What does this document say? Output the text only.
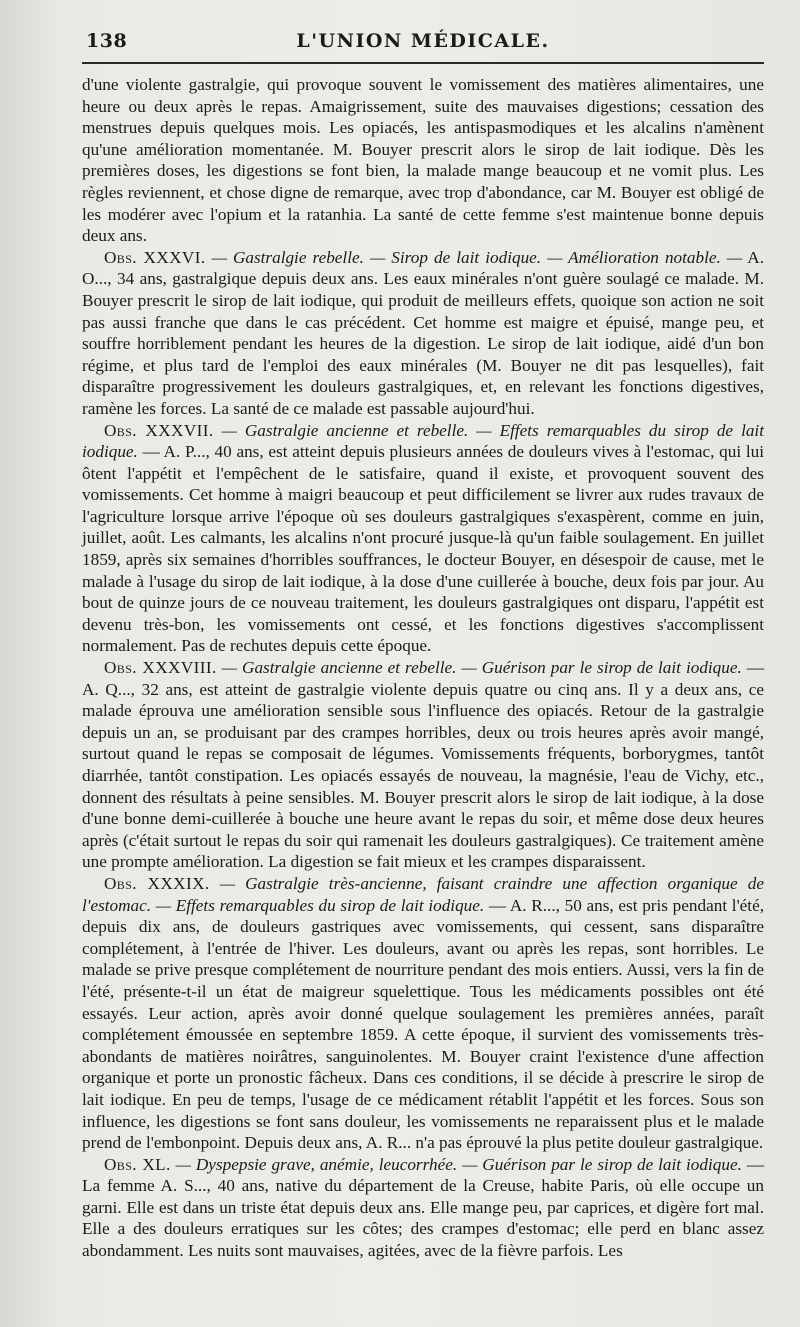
138	L'UNION MÉDICALE.

d'une violente gastralgie, qui provoque souvent le vomissement des matières alimentaires, une heure ou deux après le repas. Amaigrissement, suite des mauvaises digestions; cessation des menstrues depuis quelques mois. Les opiacés, les antispasmodiques et les alcalins n'amènent qu'une amélioration momentanée. M. Bouyer prescrit alors le sirop de lait iodique. Dès les premières doses, les digestions se font bien, la malade mange beaucoup et ne vomit plus. Les règles reviennent, et chose digne de remarque, avec trop d'abondance, car M. Bouyer est obligé de les modérer avec l'opium et la ratanhia. La santé de cette femme s'est maintenue bonne depuis deux ans.

Obs. XXXVI. — Gastralgie rebelle. — Sirop de lait iodique. — Amélioration notable. — A. O..., 34 ans, gastralgique depuis deux ans. Les eaux minérales n'ont guère soulagé ce malade. M. Bouyer prescrit le sirop de lait iodique, qui produit de meilleurs effets, quoique son action ne soit pas aussi franche que dans le cas précédent. Cet homme est maigre et épuisé, mange peu, et souffre horriblement pendant les heures de la digestion. Le sirop de lait iodique, aidé d'un bon régime, et plus tard de l'emploi des eaux minérales (M. Bouyer ne dit pas lesquelles), fait disparaître progressivement les douleurs gastralgiques, et, en relevant les fonctions digestives, ramène les forces. La santé de ce malade est passable aujourd'hui.

Obs. XXXVII. — Gastralgie ancienne et rebelle. — Effets remarquables du sirop de lait iodique. — A. P..., 40 ans, est atteint depuis plusieurs années de douleurs vives à l'estomac, qui lui ôtent l'appétit et l'empêchent de le satisfaire, quand il existe, et provoquent souvent des vomissements. Cet homme à maigri beaucoup et peut difficilement se livrer aux rudes travaux de l'agriculture lorsque arrive l'époque où ses douleurs gastralgiques s'exaspèrent, comme en juin, juillet, août. Les calmants, les alcalins n'ont procuré jusque-là qu'un faible soulagement. En juillet 1859, après six semaines d'horribles souffrances, le docteur Bouyer, en désespoir de cause, met le malade à l'usage du sirop de lait iodique, à la dose d'une cuillerée à bouche, deux fois par jour. Au bout de quinze jours de ce nouveau traitement, les douleurs gastralgiques ont disparu, l'appétit est devenu très-bon, les vomissements ont cessé, et les fonctions digestives s'accomplissent normalement. Pas de rechutes depuis cette époque.

Obs. XXXVIII. — Gastralgie ancienne et rebelle. — Guérison par le sirop de lait iodique. — A. Q..., 32 ans, est atteint de gastralgie violente depuis quatre ou cinq ans. Il y a deux ans, ce malade éprouva une amélioration sensible sous l'influence des opiacés. Retour de la gastralgie depuis un an, se produisant par des crampes horribles, deux ou trois heures après avoir mangé, surtout quand le repas se composait de légumes. Vomissements fréquents, borborygmes, tantôt diarrhée, tantôt constipation. Les opiacés essayés de nouveau, la magnésie, l'eau de Vichy, etc., donnent des résultats à peine sensibles. M. Bouyer prescrit alors le sirop de lait iodique, à la dose d'une bonne demi-cuillerée à bouche une heure avant le repas du soir, et même dose deux heures après (c'était surtout le repas du soir qui ramenait les douleurs gastralgiques). Ce traitement amène une prompte amélioration. La digestion se fait mieux et les crampes disparaissent.

Obs. XXXIX. — Gastralgie très-ancienne, faisant craindre une affection organique de l'estomac. — Effets remarquables du sirop de lait iodique. — A. R..., 50 ans, est pris pendant l'été, depuis dix ans, de douleurs gastriques avec vomissements, qui cessent, sans disparaître complétement, à l'entrée de l'hiver. Les douleurs, avant ou après les repas, sont horribles. Le malade se prive presque complétement de nourriture pendant des mois entiers. Aussi, vers la fin de l'été, présente-t-il un état de maigreur squelettique. Tous les médicaments possibles ont été essayés. Leur action, après avoir donné quelque soulagement les premières années, paraît complétement émoussée en septembre 1859. A cette époque, il survient des vomissements très-abondants de matières noirâtres, sanguinolentes. M. Bouyer craint l'existence d'une affection organique et porte un pronostic fâcheux. Dans ces conditions, il se décide à prescrire le sirop de lait iodique. En peu de temps, l'usage de ce médicament rétablit l'appétit et les forces. Sous son influence, les digestions se font sans douleur, les vomissements ne reparaissent plus et le malade prend de l'embonpoint. Depuis deux ans, A. R... n'a pas éprouvé la plus petite douleur gastralgique.

Obs. XL. — Dyspepsie grave, anémie, leucorrhée. — Guérison par le sirop de lait iodique. — La femme A. S..., 40 ans, native du département de la Creuse, habite Paris, où elle occupe un garni. Elle est dans un triste état depuis deux ans. Elle mange peu, par caprices, et digère fort mal. Elle a des douleurs erratiques sur les côtes; des crampes d'estomac; elle perd en blanc assez abondamment. Les nuits sont mauvaises, agitées, avec de la fièvre parfois. Les
